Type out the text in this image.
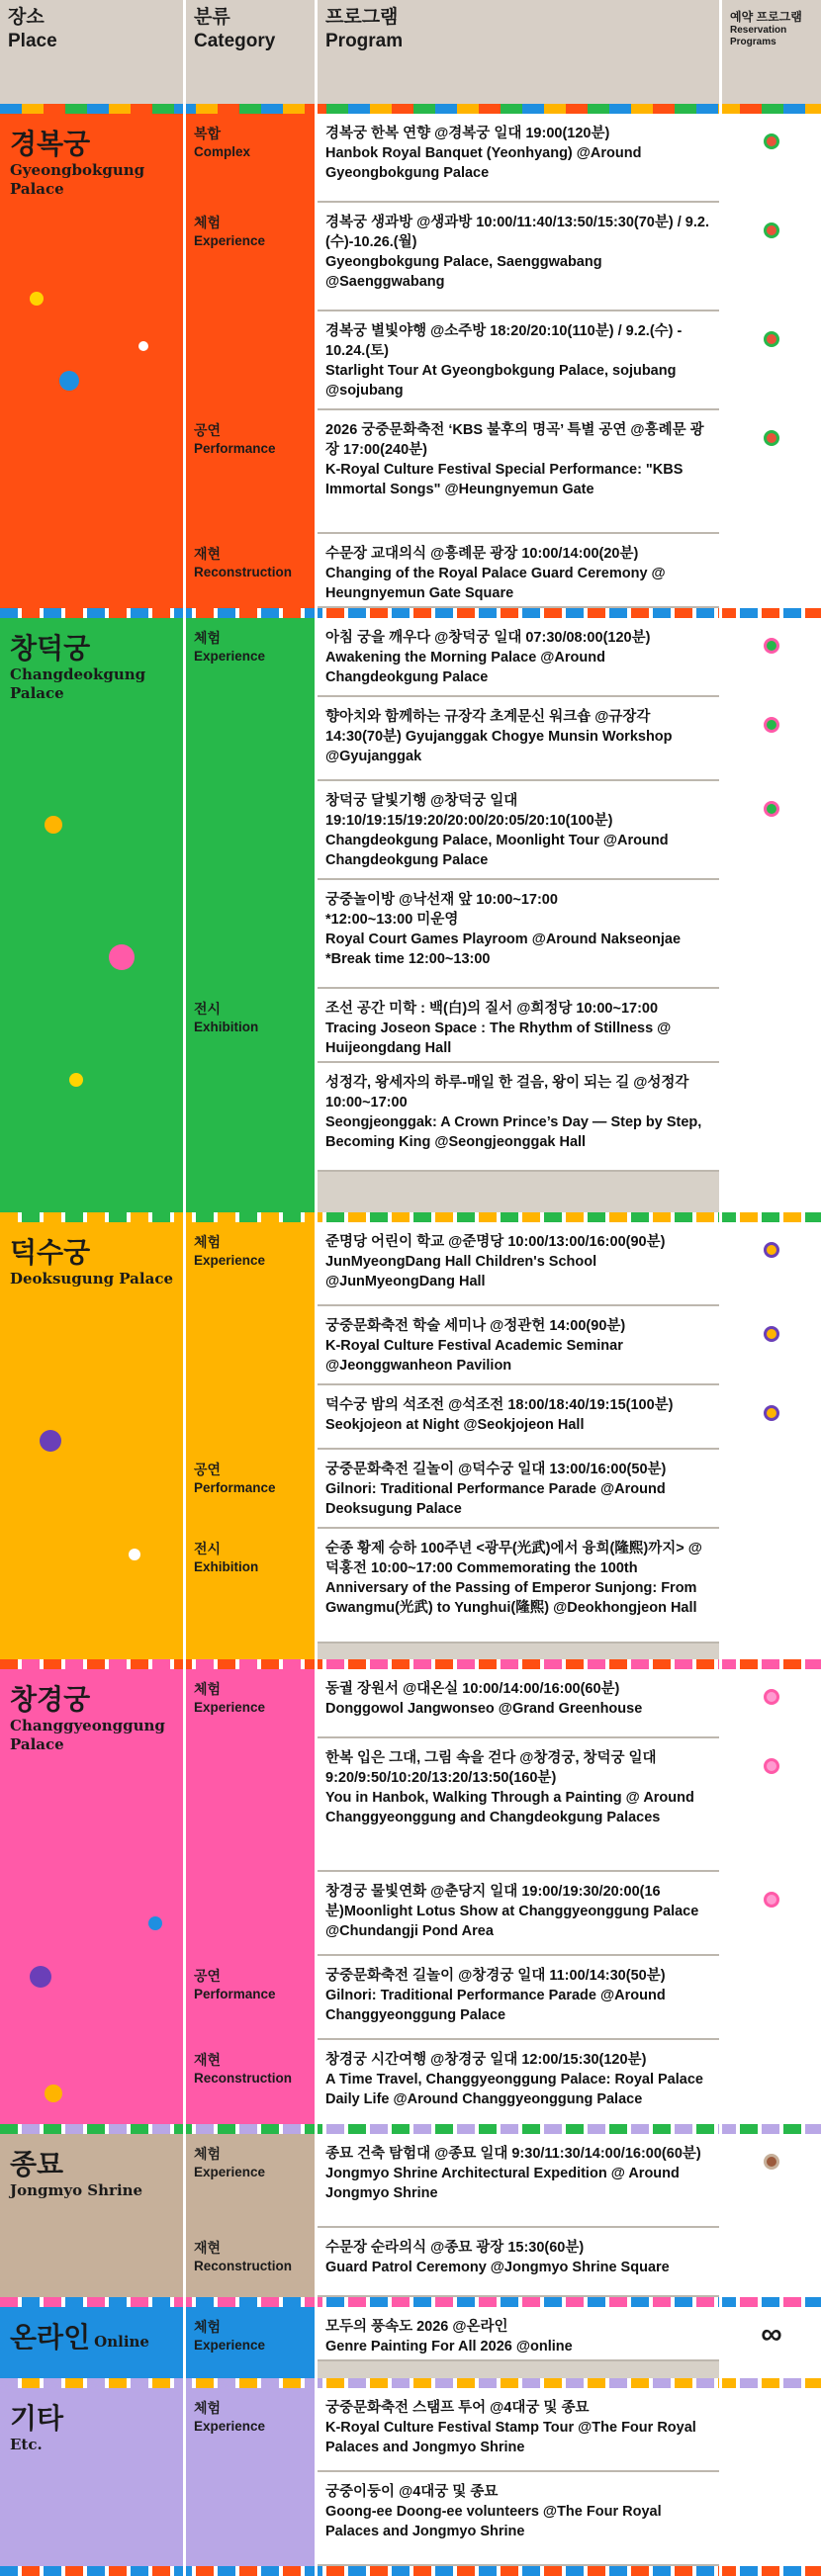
장소
Place
분류
Category
프로그램
Program
예약 프로그램
Reservation Programs
경복궁
Gyeongbokgung Palace
복합
Complex
경복궁 한복 연향 @경복궁 일대 19:00(120분)
Hanbok Royal Banquet (Yeonhyang) @Around Gyeongbokgung Palace
체험
Experience
경복궁 생과방 @생과방 10:00/11:40/13:50/15:30(70분) / 9.2.(수)-10.26.(월)
Gyeongbokgung Palace, Saenggwabang @Saenggwabang
경복궁 별빛야행 @소주방 18:20/20:10(110분) / 9.2.(수) - 10.24.(토)
Starlight Tour At Gyeongbokgung Palace, sojubang @sojubang
공연
Performance
2026 궁중문화축전 ‘KBS 불후의 명곡’ 특별 공연 @흥례문 광장 17:00(240분)
K-Royal Culture Festival Special Performance: "KBS Immortal Songs" @Heungnyemun Gate
재현
Reconstruction
수문장 교대의식 @흥례문 광장 10:00/14:00(20분)
Changing of the Royal Palace Guard Ceremony @ Heungnyemun Gate Square
창덕궁
Changdeokgung Palace
체험
Experience
아침 궁을 깨우다 @창덕궁 일대 07:30/08:00(120분)
Awakening the Morning Palace @Around Changdeokgung Palace
향아치와 함께하는 규장각 초계문신 워크숍 @규장각 14:30(70분) Gyujanggak Chogye Munsin Workshop @Gyujanggak
창덕궁 달빛기행 @창덕궁 일대 19:10/19:15/19:20/20:00/20:05/20:10(100분)
Changdeokgung Palace, Moonlight Tour @Around Changdeokgung Palace
궁중놀이방 @낙선재 앞 10:00~17:00
*12:00~13:00 미운영
Royal Court Games Playroom @Around Nakseonjae *Break time 12:00~13:00
전시
Exhibition
조선 공간 미학 : 백(白)의 질서 @희정당 10:00~17:00
Tracing Joseon Space : The Rhythm of Stillness @ Huijeongdang Hall
성정각, 왕세자의 하루-매일 한 걸음, 왕이 되는 길 @성정각 10:00~17:00
Seongjeonggak: A Crown Prince’s Day — Step by Step, Becoming King @Seongjeonggak Hall
덕수궁
Deoksugung Palace
체험
Experience
준명당 어린이 학교 @준명당 10:00/13:00/16:00(90분)
JunMyeongDang Hall Children's School @JunMyeongDang Hall
궁중문화축전 학술 세미나 @정관헌 14:00(90분)
K-Royal Culture Festival Academic Seminar @Jeonggwanheon Pavilion
덕수궁 밤의 석조전 @석조전 18:00/18:40/19:15(100분)
Seokjojeon at Night @Seokjojeon Hall
공연
Performance
궁중문화축전 길놀이 @덕수궁 일대 13:00/16:00(50분)
Gilnori: Traditional Performance Parade @Around Deoksugung Palace
전시
Exhibition
순종 황제 승하 100주년 <광무(光武)에서 융희(隆熙)까지> @덕홍전 10:00~17:00 Commemorating the 100th Anniversary of the Passing of Emperor Sunjong: From Gwangmu(光武) to Yunghui(隆熙) @Deokhongjeon Hall
창경궁
Changgyeonggung Palace
체험
Experience
동궐 장원서 @대온실 10:00/14:00/16:00(60분)
Donggowol Jangwonseo @Grand Greenhouse
한복 입은 그대, 그림 속을 걷다 @창경궁, 창덕궁 일대 9:20/9:50/10:20/13:20/13:50(160분)
You in Hanbok, Walking Through a Painting @ Around Changgyeonggung and Changdeokgung Palaces
창경궁 물빛연화 @춘당지 일대 19:00/19:30/20:00(16분)Moonlight Lotus Show at Changgyeonggung Palace @Chundangji Pond Area
공연
Performance
궁중문화축전 길놀이 @창경궁 일대 11:00/14:30(50분)
Gilnori: Traditional Performance Parade @Around Changgyeonggung Palace
재현
Reconstruction
창경궁 시간여행 @창경궁 일대 12:00/15:30(120분)
A Time Travel, Changgyeonggung Palace: Royal Palace Daily Life @Around Changgyeonggung Palace
종묘
Jongmyo Shrine
체험
Experience
종묘 건축 탐험대 @종묘 일대 9:30/11:30/14:00/16:00(60분)
Jongmyo Shrine Architectural Expedition @ Around Jongmyo Shrine
재현
Reconstruction
수문장 순라의식 @종묘 광장 15:30(60분)
Guard Patrol Ceremony @Jongmyo Shrine Square
온라인 Online
체험
Experience
모두의 풍속도 2026 @온라인
Genre Painting For All 2026 @online	∞
기타
Etc.
체험
Experience
궁중문화축전 스탬프 투어 @4대궁 및 종묘
K-Royal Culture Festival Stamp Tour @The Four Royal Palaces and Jongmyo Shrine
궁중이둥이 @4대궁 및 종묘
Goong-ee Doong-ee volunteers @The Four Royal Palaces and Jongmyo Shrine
